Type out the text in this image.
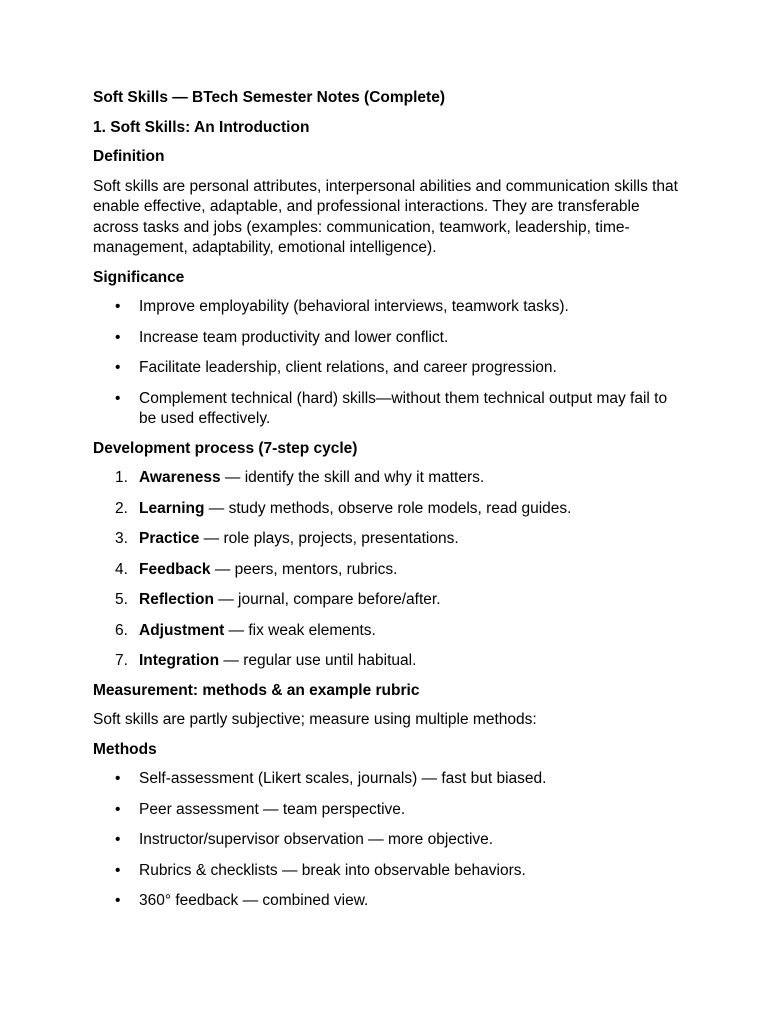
Soft Skills — BTech Semester Notes (Complete)
1. Soft Skills: An Introduction
Definition
Soft skills are personal attributes, interpersonal abilities and communication skills that enable effective, adaptable, and professional interactions. They are transferable across tasks and jobs (examples: communication, teamwork, leadership, time-management, adaptability, emotional intelligence).
Significance
• Improve employability (behavioral interviews, teamwork tasks).
• Increase team productivity and lower conflict.
• Facilitate leadership, client relations, and career progression.
• Complement technical (hard) skills—without them technical output may fail to be used effectively.
Development process (7-step cycle)
1. Awareness — identify the skill and why it matters.
2. Learning — study methods, observe role models, read guides.
3. Practice — role plays, projects, presentations.
4. Feedback — peers, mentors, rubrics.
5. Reflection — journal, compare before/after.
6. Adjustment — fix weak elements.
7. Integration — regular use until habitual.
Measurement: methods & an example rubric
Soft skills are partly subjective; measure using multiple methods:
Methods
• Self-assessment (Likert scales, journals) — fast but biased.
• Peer assessment — team perspective.
• Instructor/supervisor observation — more objective.
• Rubrics & checklists — break into observable behaviors.
• 360° feedback — combined view.
